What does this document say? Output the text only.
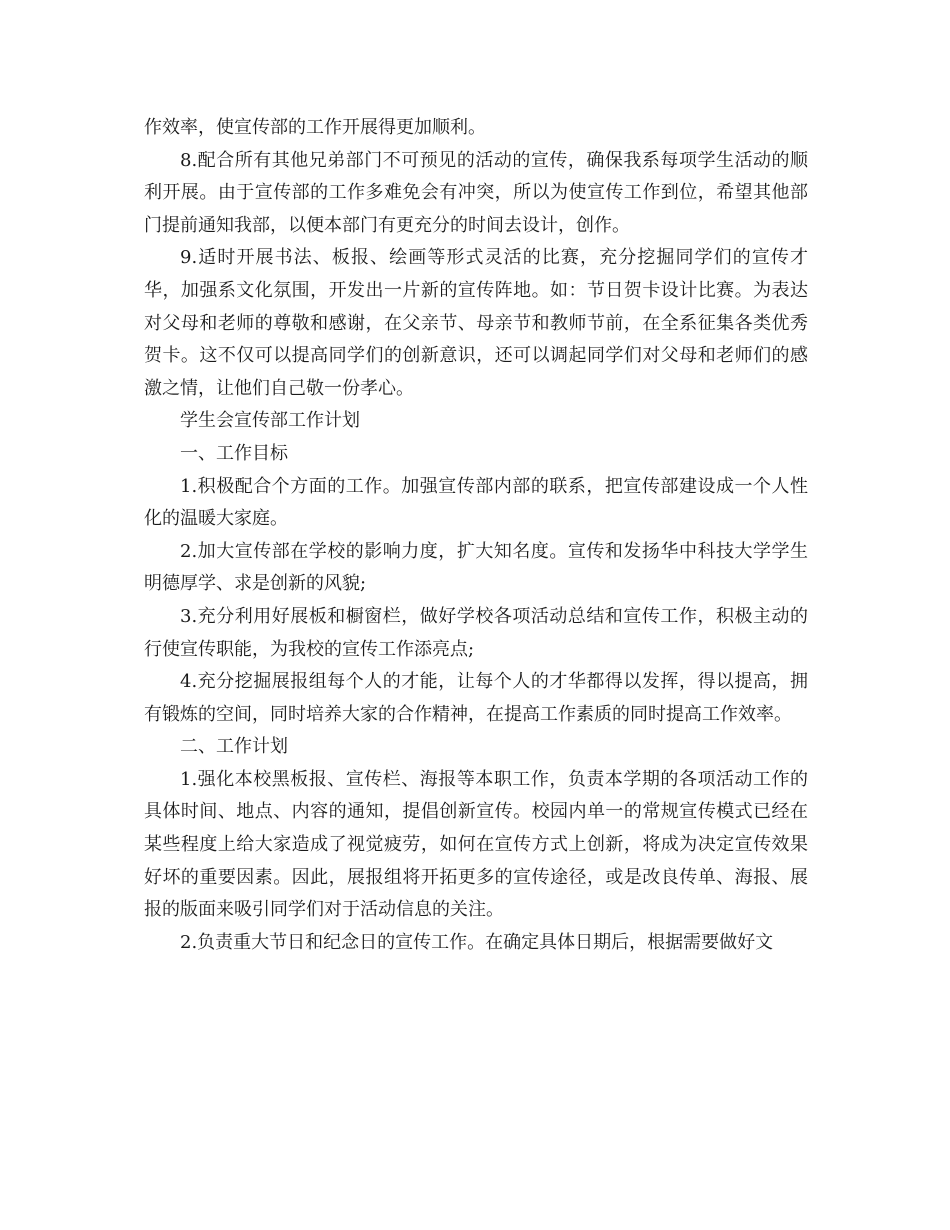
作效率，使宣传部的工作开展得更加顺利。

8.配合所有其他兄弟部门不可预见的活动的宣传，确保我系每项学生活动的顺利开展。由于宣传部的工作多难免会有冲突，所以为使宣传工作到位，希望其他部门提前通知我部，以便本部门有更充分的时间去设计，创作。

9.适时开展书法、板报、绘画等形式灵活的比赛，充分挖掘同学们的宣传才华，加强系文化氛围，开发出一片新的宣传阵地。如：节日贺卡设计比赛。为表达对父母和老师的尊敬和感谢，在父亲节、母亲节和教师节前，在全系征集各类优秀贺卡。这不仅可以提高同学们的创新意识，还可以调起同学们对父母和老师们的感激之情，让他们自己敬一份孝心。

学生会宣传部工作计划

一、工作目标

1.积极配合个方面的工作。加强宣传部内部的联系，把宣传部建设成一个人性化的温暖大家庭。

2.加大宣传部在学校的影响力度，扩大知名度。宣传和发扬华中科技大学学生明德厚学、求是创新的风貌;

3.充分利用好展板和橱窗栏，做好学校各项活动总结和宣传工作，积极主动的行使宣传职能，为我校的宣传工作添亮点;

4.充分挖掘展报组每个人的才能，让每个人的才华都得以发挥，得以提高，拥有锻炼的空间，同时培养大家的合作精神，在提高工作素质的同时提高工作效率。

二、工作计划

1.强化本校黑板报、宣传栏、海报等本职工作，负责本学期的各项活动工作的具体时间、地点、内容的通知，提倡创新宣传。校园内单一的常规宣传模式已经在某些程度上给大家造成了视觉疲劳，如何在宣传方式上创新，将成为决定宣传效果好坏的重要因素。因此，展报组将开拓更多的宣传途径，或是改良传单、海报、展报的版面来吸引同学们对于活动信息的关注。

2.负责重大节日和纪念日的宣传工作。在确定具体日期后，根据需要做好文
